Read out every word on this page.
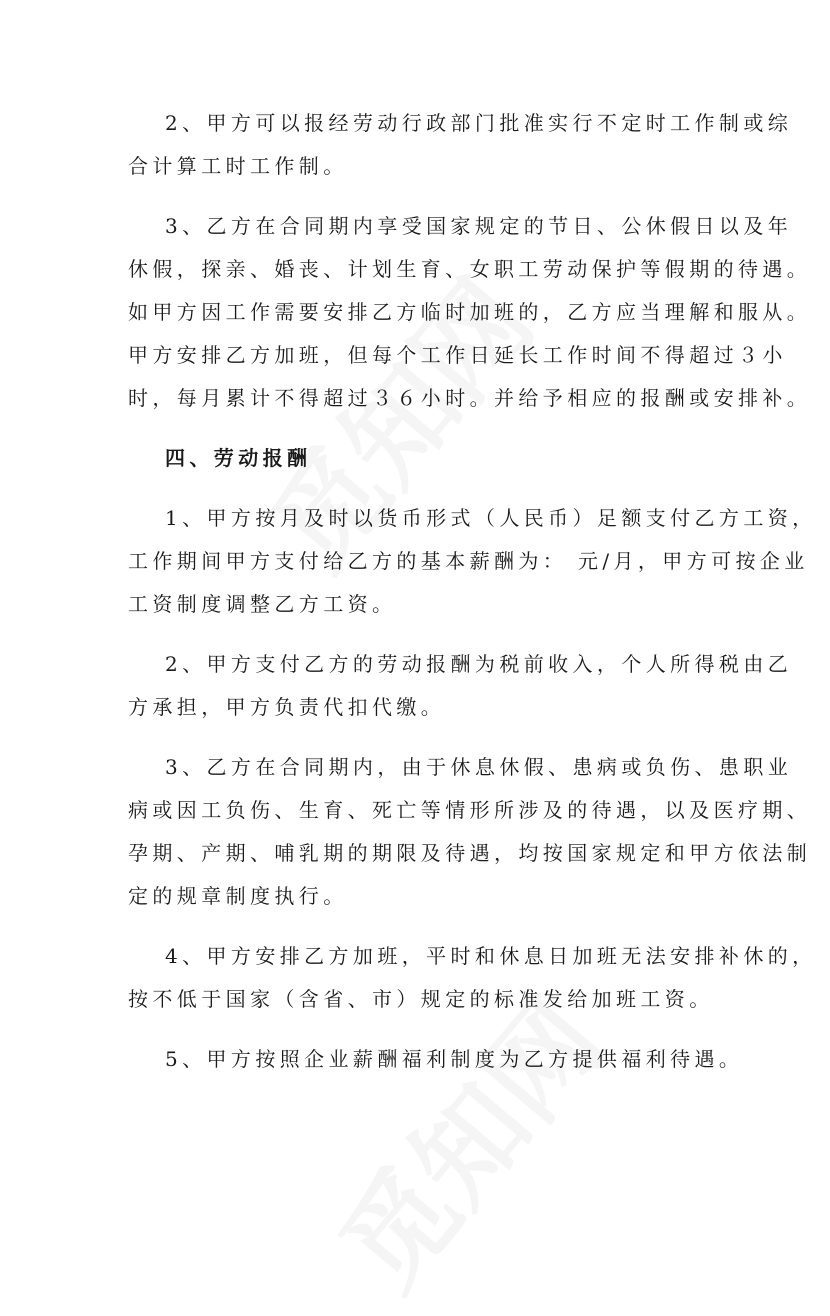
2、甲方可以报经劳动行政部门批准实行不定时工作制或综
合计算工时工作制。
3、乙方在合同期内享受国家规定的节日、公休假日以及年
休假，探亲、婚丧、计划生育、女职工劳动保护等假期的待遇。
如甲方因工作需要安排乙方临时加班的，乙方应当理解和服从。
甲方安排乙方加班，但每个工作日延长工作时间不得超过３小
时，每月累计不得超过３６小时。并给予相应的报酬或安排补。
四、劳动报酬
1、甲方按月及时以货币形式（人民币）足额支付乙方工资，
工作期间甲方支付给乙方的基本薪酬为： 元/月，甲方可按企业
工资制度调整乙方工资。
2、甲方支付乙方的劳动报酬为税前收入，个人所得税由乙
方承担，甲方负责代扣代缴。
3、乙方在合同期内，由于休息休假、患病或负伤、患职业
病或因工负伤、生育、死亡等情形所涉及的待遇，以及医疗期、
孕期、产期、哺乳期的期限及待遇，均按国家规定和甲方依法制
定的规章制度执行。
4、甲方安排乙方加班，平时和休息日加班无法安排补休的，
按不低于国家（含省、市）规定的标准发给加班工资。
5、甲方按照企业薪酬福利制度为乙方提供福利待遇。
